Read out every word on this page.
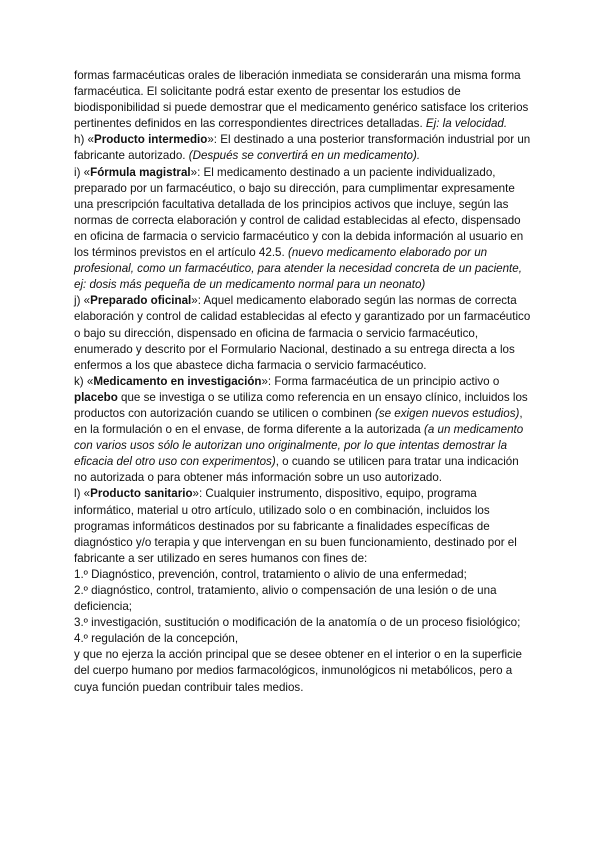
formas farmacéuticas orales de liberación inmediata se considerarán una misma forma farmacéutica. El solicitante podrá estar exento de presentar los estudios de biodisponibilidad si puede demostrar que el medicamento genérico satisface los criterios pertinentes definidos en las correspondientes directrices detalladas. Ej: la velocidad.

h) «Producto intermedio»: El destinado a una posterior transformación industrial por un fabricante autorizado. (Después se convertirá en un medicamento).

i) «Fórmula magistral»: El medicamento destinado a un paciente individualizado, preparado por un farmacéutico, o bajo su dirección, para cumplimentar expresamente una prescripción facultativa detallada de los principios activos que incluye, según las normas de correcta elaboración y control de calidad establecidas al efecto, dispensado en oficina de farmacia o servicio farmacéutico y con la debida información al usuario en los términos previstos en el artículo 42.5. (nuevo medicamento elaborado por un profesional, como un farmacéutico, para atender la necesidad concreta de un paciente, ej: dosis más pequeña de un medicamento normal para un neonato)

j) «Preparado oficinal»: Aquel medicamento elaborado según las normas de correcta elaboración y control de calidad establecidas al efecto y garantizado por un farmacéutico o bajo su dirección, dispensado en oficina de farmacia o servicio farmacéutico, enumerado y descrito por el Formulario Nacional, destinado a su entrega directa a los enfermos a los que abastece dicha farmacia o servicio farmacéutico.

k) «Medicamento en investigación»: Forma farmacéutica de un principio activo o placebo que se investiga o se utiliza como referencia en un ensayo clínico, incluidos los productos con autorización cuando se utilicen o combinen (se exigen nuevos estudios), en la formulación o en el envase, de forma diferente a la autorizada (a un medicamento con varios usos sólo le autorizan uno originalmente, por lo que intentas demostrar la eficacia del otro uso con experimentos), o cuando se utilicen para tratar una indicación no autorizada o para obtener más información sobre un uso autorizado.

l) «Producto sanitario»: Cualquier instrumento, dispositivo, equipo, programa informático, material u otro artículo, utilizado solo o en combinación, incluidos los programas informáticos destinados por su fabricante a finalidades específicas de diagnóstico y/o terapia y que intervengan en su buen funcionamiento, destinado por el fabricante a ser utilizado en seres humanos con fines de:

1.º Diagnóstico, prevención, control, tratamiento o alivio de una enfermedad;

2.º diagnóstico, control, tratamiento, alivio o compensación de una lesión o de una deficiencia;

3.º investigación, sustitución o modificación de la anatomía o de un proceso fisiológico;

4.º regulación de la concepción,

y que no ejerza la acción principal que se desee obtener en el interior o en la superficie del cuerpo humano por medios farmacológicos, inmunológicos ni metabólicos, pero a cuya función puedan contribuir tales medios.
